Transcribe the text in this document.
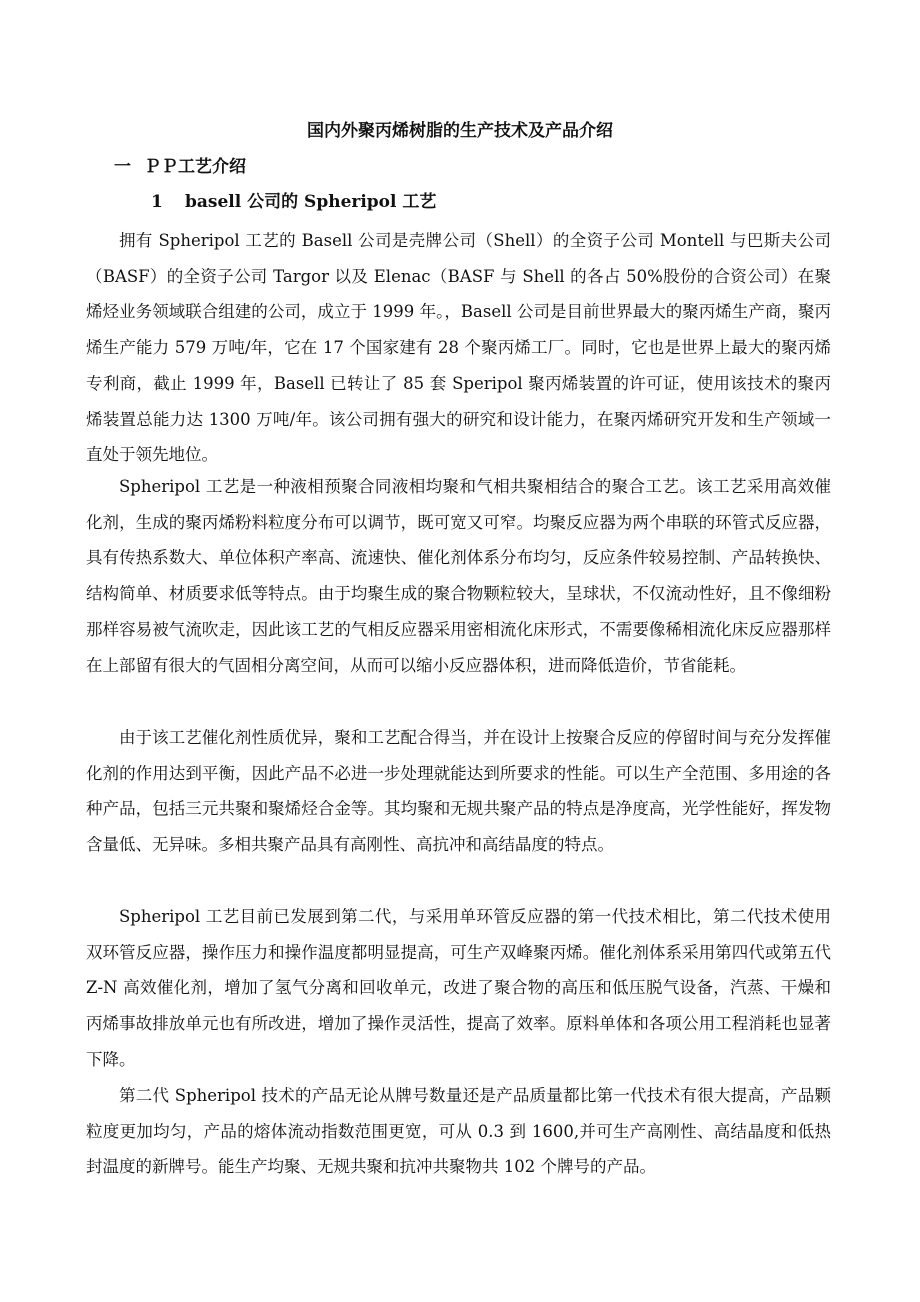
国内外聚丙烯树脂的生产技术及产品介绍
一 ＰＰ工艺介绍
1 basell 公司的 Spheripol 工艺

拥有 Spheripol 工艺的 Basell 公司是壳牌公司（Shell）的全资子公司 Montell 与巴斯夫公司（BASF）的全资子公司 Targor 以及 Elenac（BASF 与 Shell 的各占 50%股份的合资公司）在聚烯烃业务领域联合组建的公司，成立于 1999 年。，Basell 公司是目前世界最大的聚丙烯生产商，聚丙烯生产能力 579 万吨/年，它在 17 个国家建有 28 个聚丙烯工厂。同时，它也是世界上最大的聚丙烯专利商，截止 1999 年，Basell 已转让了 85 套 Speripol 聚丙烯装置的许可证，使用该技术的聚丙烯装置总能力达 1300 万吨/年。该公司拥有强大的研究和设计能力，在聚丙烯研究开发和生产领域一直处于领先地位。

Spheripol 工艺是一种液相预聚合同液相均聚和气相共聚相结合的聚合工艺。该工艺采用高效催化剂，生成的聚丙烯粉料粒度分布可以调节，既可宽又可窄。均聚反应器为两个串联的环管式反应器，具有传热系数大、单位体积产率高、流速快、催化剂体系分布均匀，反应条件较易控制、产品转换快、结构简单、材质要求低等特点。由于均聚生成的聚合物颗粒较大，呈球状，不仅流动性好，且不像细粉那样容易被气流吹走，因此该工艺的气相反应器采用密相流化床形式，不需要像稀相流化床反应器那样在上部留有很大的气固相分离空间，从而可以缩小反应器体积，进而降低造价，节省能耗。

由于该工艺催化剂性质优异，聚和工艺配合得当，并在设计上按聚合反应的停留时间与充分发挥催化剂的作用达到平衡，因此产品不必进一步处理就能达到所要求的性能。可以生产全范围、多用途的各种产品，包括三元共聚和聚烯烃合金等。其均聚和无规共聚产品的特点是净度高，光学性能好，挥发物含量低、无异味。多相共聚产品具有高刚性、高抗冲和高结晶度的特点。

Spheripol 工艺目前已发展到第二代，与采用单环管反应器的第一代技术相比，第二代技术使用双环管反应器，操作压力和操作温度都明显提高，可生产双峰聚丙烯。催化剂体系采用第四代或第五代 Z-N 高效催化剂，增加了氢气分离和回收单元，改进了聚合物的高压和低压脱气设备，汽蒸、干燥和丙烯事故排放单元也有所改进，增加了操作灵活性，提高了效率。原料单体和各项公用工程消耗也显著下降。

第二代 Spheripol 技术的产品无论从牌号数量还是产品质量都比第一代技术有很大提高，产品颗粒度更加均匀，产品的熔体流动指数范围更宽，可从 0.3 到 1600,并可生产高刚性、高结晶度和低热封温度的新牌号。能生产均聚、无规共聚和抗冲共聚物共 102 个牌号的产品。
